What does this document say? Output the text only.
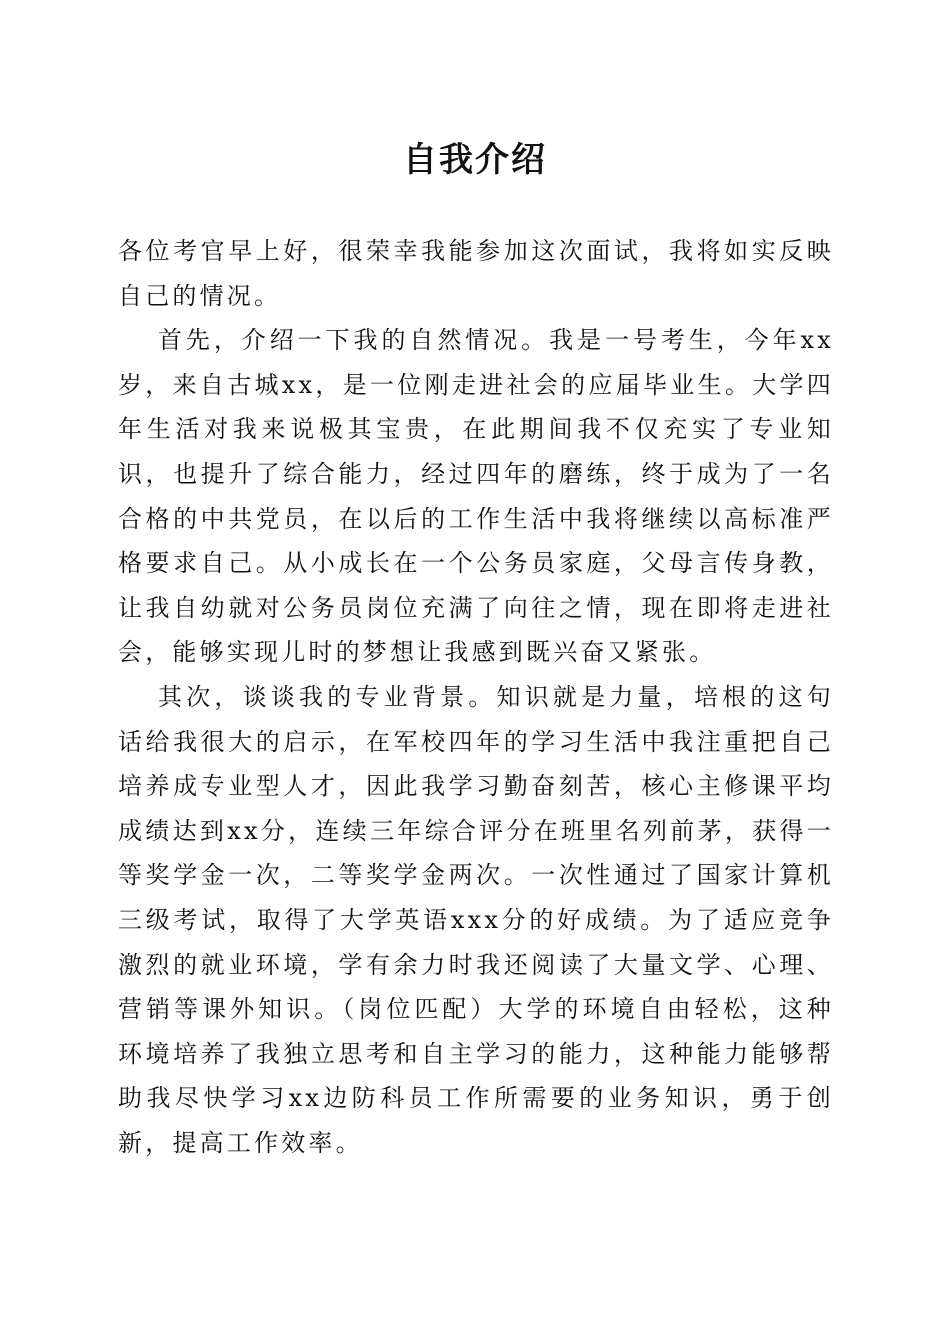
自我介绍

各位考官早上好，很荣幸我能参加这次面试，我将如实反映自己的情况。

首先，介绍一下我的自然情况。我是一号考生，今年xx岁，来自古城xx，是一位刚走进社会的应届毕业生。大学四年生活对我来说极其宝贵，在此期间我不仅充实了专业知识，也提升了综合能力，经过四年的磨练，终于成为了一名合格的中共党员，在以后的工作生活中我将继续以高标准严格要求自己。从小成长在一个公务员家庭，父母言传身教，让我自幼就对公务员岗位充满了向往之情，现在即将走进社会，能够实现儿时的梦想让我感到既兴奋又紧张。

其次，谈谈我的专业背景。知识就是力量，培根的这句话给我很大的启示，在军校四年的学习生活中我注重把自己培养成专业型人才，因此我学习勤奋刻苦，核心主修课平均成绩达到xx分，连续三年综合评分在班里名列前茅，获得一等奖学金一次，二等奖学金两次。一次性通过了国家计算机三级考试，取得了大学英语xxx分的好成绩。为了适应竞争激烈的就业环境，学有余力时我还阅读了大量文学、心理、营销等课外知识。（岗位匹配）大学的环境自由轻松，这种环境培养了我独立思考和自主学习的能力，这种能力能够帮助我尽快学习xx边防科员工作所需要的业务知识，勇于创新，提高工作效率。
